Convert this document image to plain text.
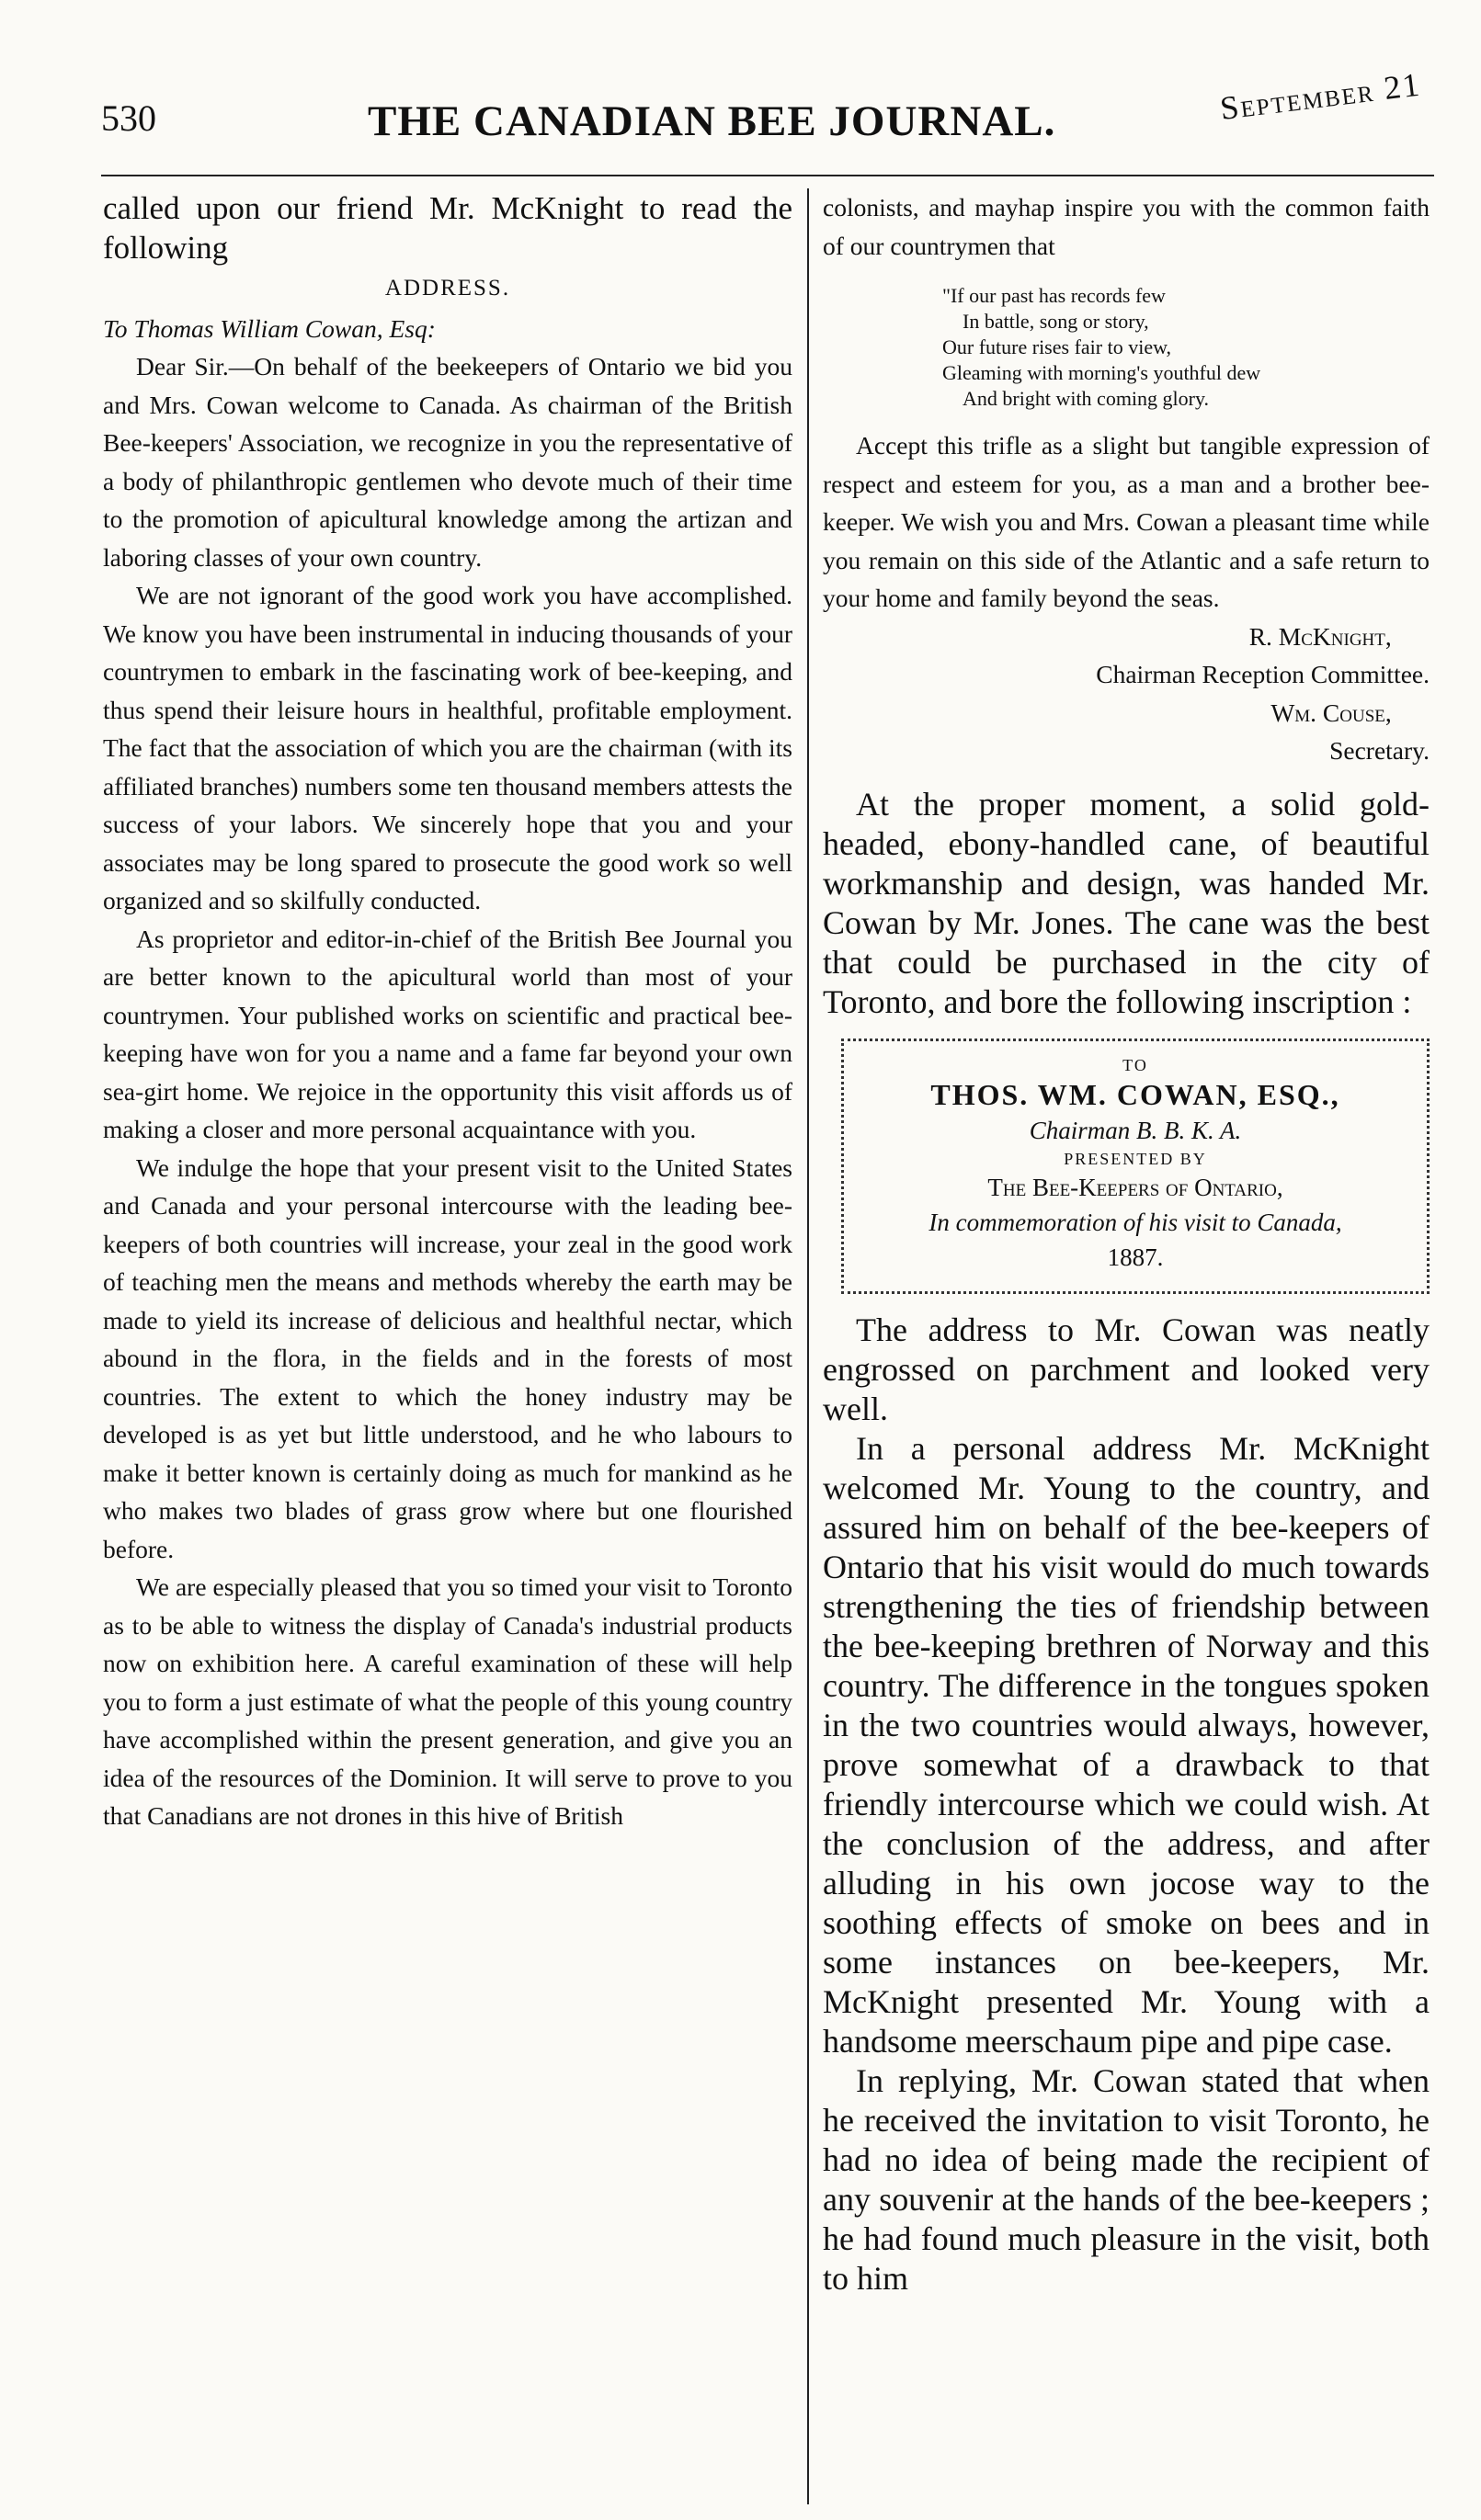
530	THE CANADIAN BEE JOURNAL.	September 21

called upon our friend Mr. McKnight to read the following

ADDRESS.

To Thomas William Cowan, Esq:

Dear Sir.—On behalf of the beekeepers of Ontario we bid you and Mrs. Cowan welcome to Canada. As chairman of the British Bee-keepers' Association, we recognize in you the representative of a body of philanthropic gentlemen who devote much of their time to the promotion of apicultural knowledge among the artizan and laboring classes of your own country.

We are not ignorant of the good work you have accomplished. We know you have been instrumental in inducing thousands of your countrymen to embark in the fascinating work of bee-keeping, and thus spend their leisure hours in healthful, profitable employment. The fact that the association of which you are the chairman (with its affiliated branches) numbers some ten thousand members attests the success of your labors. We sincerely hope that you and your associates may be long spared to prosecute the good work so well organized and so skilfully conducted.

As proprietor and editor-in-chief of the British Bee Journal you are better known to the apicultural world than most of your countrymen. Your published works on scientific and practical bee-keeping have won for you a name and a fame far beyond your own sea-girt home. We rejoice in the opportunity this visit affords us of making a closer and more personal acquaintance with you.

We indulge the hope that your present visit to the United States and Canada and your personal intercourse with the leading bee-keepers of both countries will increase, your zeal in the good work of teaching men the means and methods whereby the earth may be made to yield its increase of delicious and healthful nectar, which abound in the flora, in the fields and in the forests of most countries. The extent to which the honey industry may be developed is as yet but little understood, and he who labours to make it better known is certainly doing as much for mankind as he who makes two blades of grass grow where but one flourished before.

We are especially pleased that you so timed your visit to Toronto as to be able to witness the display of Canada's industrial products now on exhibition here. A careful examination of these will help you to form a just estimate of what the people of this young country have accomplished within the present generation, and give you an idea of the resources of the Dominion. It will serve to prove to you that Canadians are not drones in this hive of British

colonists, and mayhap inspire you with the common faith of our countrymen that

"If our past has records few
In battle, song or story,
Our future rises fair to view,
Gleaming with morning's youthful dew
And bright with coming glory.

Accept this trifle as a slight but tangible expression of respect and esteem for you, as a man and a brother bee-keeper. We wish you and Mrs. Cowan a pleasant time while you remain on this side of the Atlantic and a safe return to your home and family beyond the seas.

R. McKnight,

Chairman Reception Committee.

Wm. Couse,

Secretary.

At the proper moment, a solid gold-headed, ebony-handled cane, of beautiful workmanship and design, was handed Mr. Cowan by Mr. Jones. The cane was the best that could be purchased in the city of Toronto, and bore the following inscription :

TO
THOS. WM. COWAN, ESQ.,
Chairman B. B. K. A.
PRESENTED BY
The Bee-Keepers of Ontario,
In commemoration of his visit to Canada,
1887.

The address to Mr. Cowan was neatly engrossed on parchment and looked very well.

In a personal address Mr. McKnight welcomed Mr. Young to the country, and assured him on behalf of the bee-keepers of Ontario that his visit would do much towards strengthening the ties of friendship between the bee-keeping brethren of Norway and this country. The difference in the tongues spoken in the two countries would always, however, prove somewhat of a drawback to that friendly intercourse which we could wish. At the conclusion of the address, and after alluding in his own jocose way to the soothing effects of smoke on bees and in some instances on bee-keepers, Mr. McKnight presented Mr. Young with a handsome meerschaum pipe and pipe case.

In replying, Mr. Cowan stated that when he received the invitation to visit Toronto, he had no idea of being made the recipient of any souvenir at the hands of the bee-keepers ; he had found much pleasure in the visit, both to him
